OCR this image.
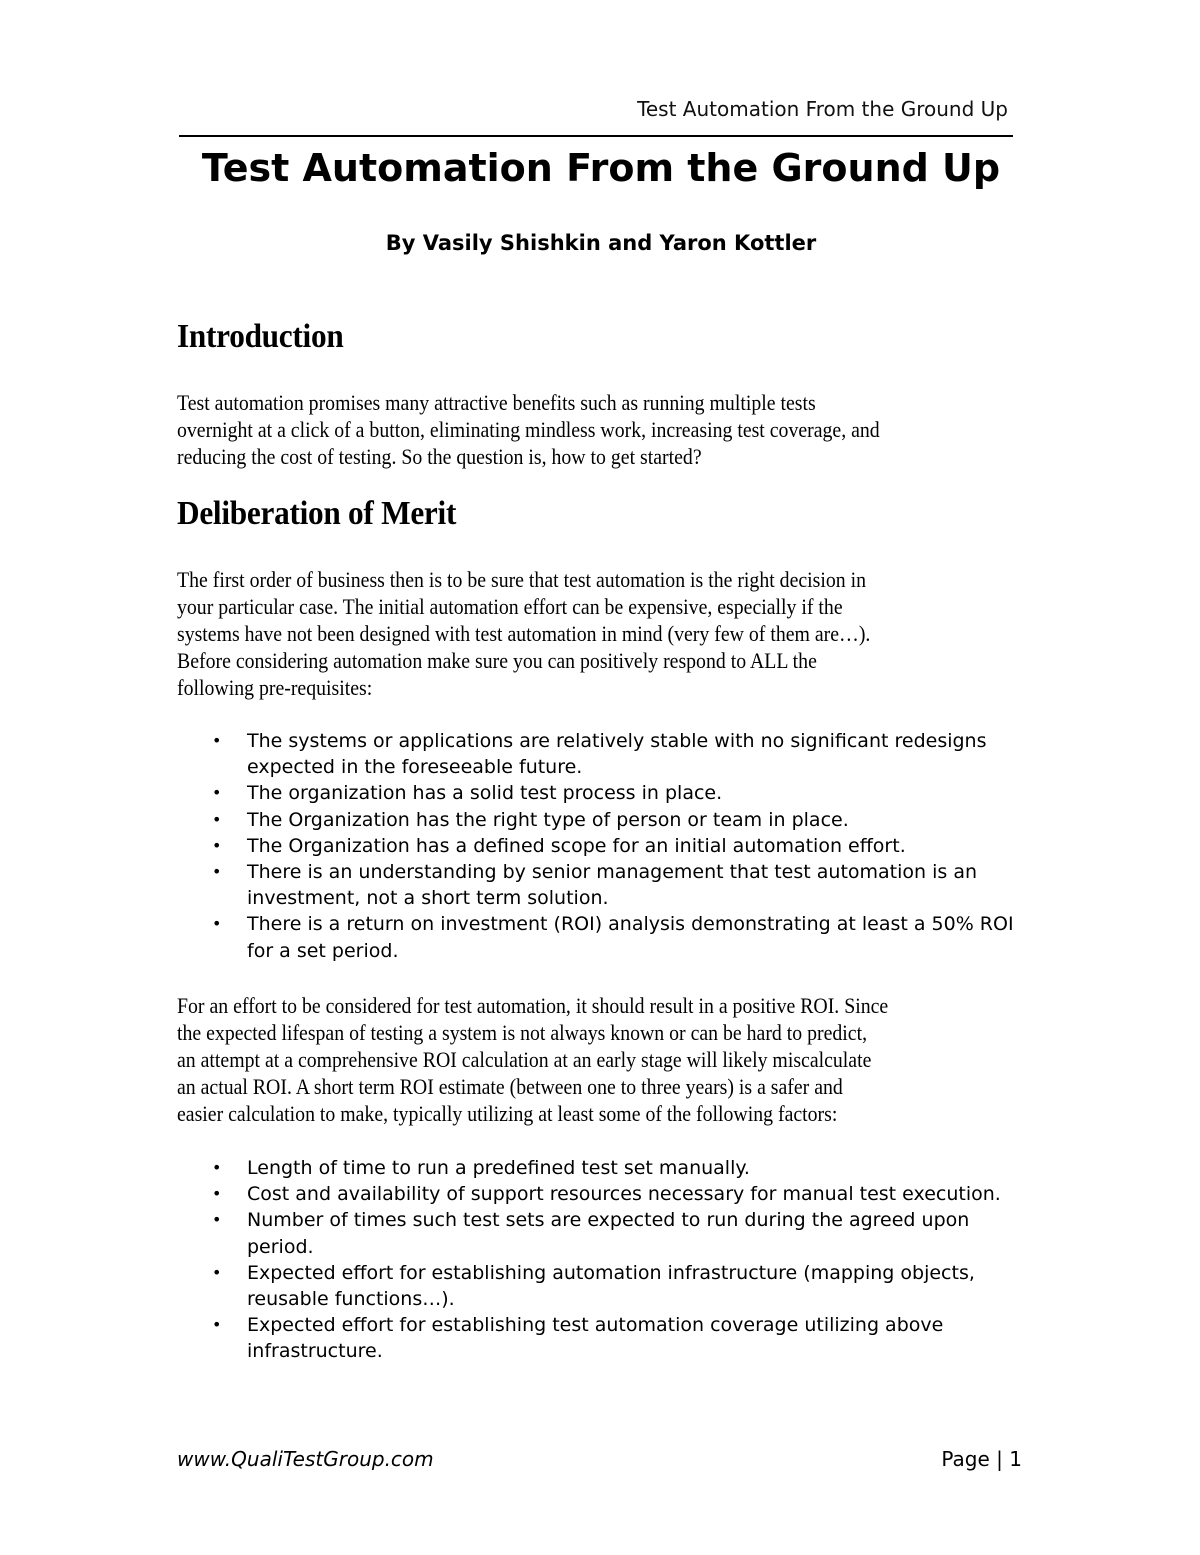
Test Automation From the Ground Up
Test Automation From the Ground Up
By Vasily Shishkin and Yaron Kottler
Introduction

Test automation promises many attractive benefits such as running multiple tests
overnight at a click of a button, eliminating mindless work, increasing test coverage, and
reducing the cost of testing. So the question is, how to get started?

Deliberation of Merit

The first order of business then is to be sure that test automation is the right decision in
your particular case. The initial automation effort can be expensive, especially if the
systems have not been designed with test automation in mind (very few of them are…).
Before considering automation make sure you can positively respond to ALL the
following pre-requisites:

• The systems or applications are relatively stable with no significant redesigns expected in the foreseeable future.
• The organization has a solid test process in place.
• The Organization has the right type of person or team in place.
• The Organization has a defined scope for an initial automation effort.
• There is an understanding by senior management that test automation is an investment, not a short term solution.
• There is a return on investment (ROI) analysis demonstrating at least a 50% ROI for a set period.

For an effort to be considered for test automation, it should result in a positive ROI. Since
the expected lifespan of testing a system is not always known or can be hard to predict,
an attempt at a comprehensive ROI calculation at an early stage will likely miscalculate
an actual ROI. A short term ROI estimate (between one to three years) is a safer and
easier calculation to make, typically utilizing at least some of the following factors:

• Length of time to run a predefined test set manually.
• Cost and availability of support resources necessary for manual test execution.
• Number of times such test sets are expected to run during the agreed upon period.
• Expected effort for establishing automation infrastructure (mapping objects, reusable functions…).
• Expected effort for establishing test automation coverage utilizing above infrastructure.
www.QualiTestGroup.com	Page | 1
